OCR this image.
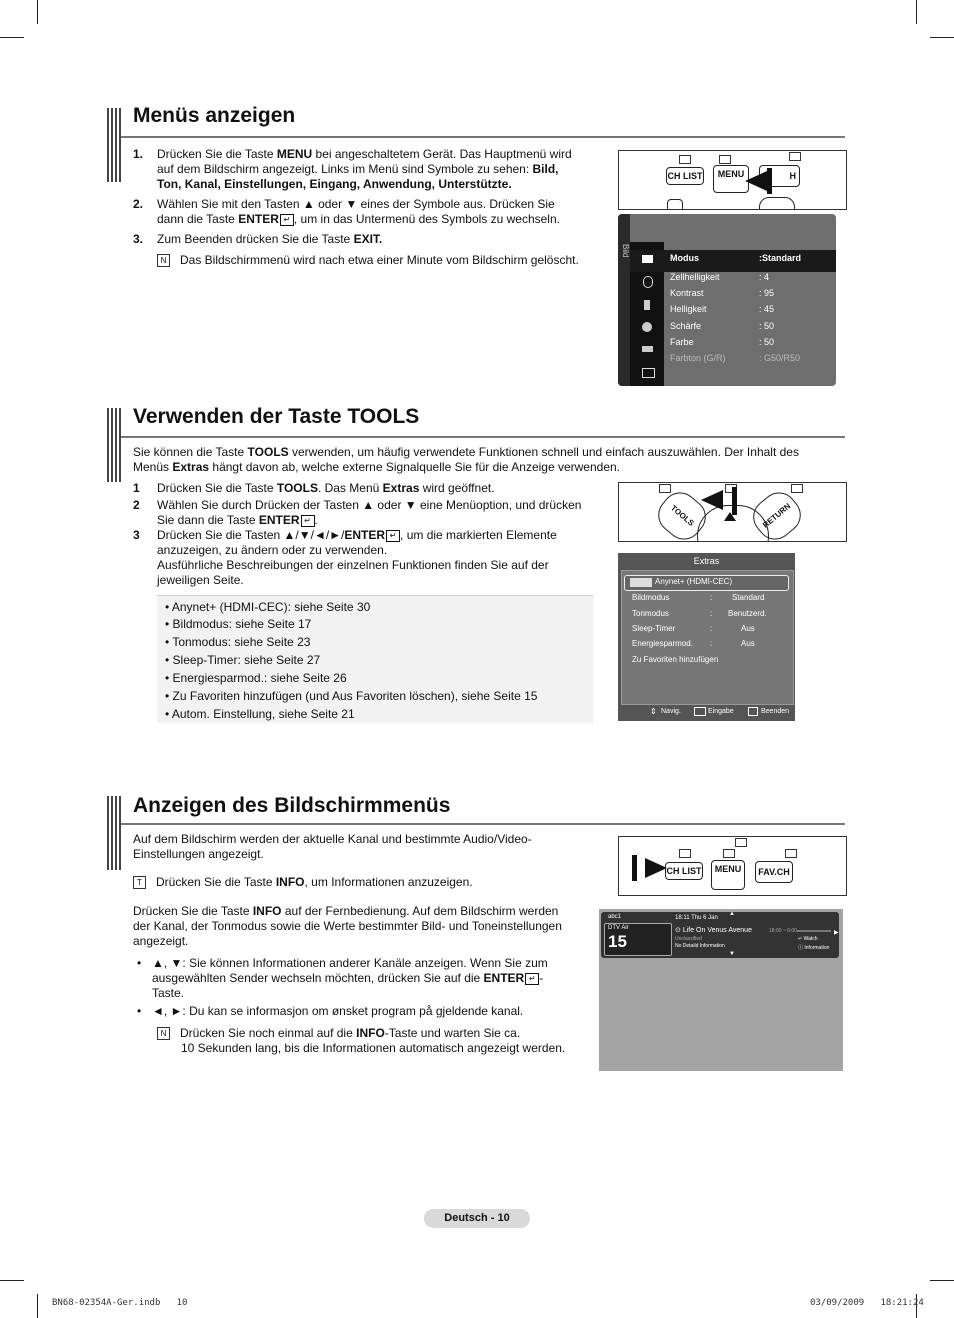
Menüs anzeigen
1. Drücken Sie die Taste MENU bei angeschaltetem Gerät. Das Hauptmenü wird
auf dem Bildschirm angezeigt. Links im Menü sind Symbole zu sehen: Bild,
Ton, Kanal, Einstellungen, Eingang, Anwendung, Unterstützte.
2. Wählen Sie mit den Tasten ▲ oder ▼ eines der Symbole aus. Drücken Sie
dann die Taste ENTER ↵ , um in das Untermenü des Symbols zu wechseln.
3. Zum Beenden drücken Sie die Taste EXIT.
N Das Bildschirmmenü wird nach etwa einer Minute vom Bildschirm gelöscht.
CH LIST	MENU	H
Bild
Modus	:Standard
Zellhelligkeit	: 4
Kontrast	: 95
Helligkeit	: 45
Schärfe	: 50
Farbe	: 50
Farbton (G/R)	: G50/R50
Verwenden der Taste TOOLS
Sie können die Taste TOOLS verwenden, um häufig verwendete Funktionen schnell und einfach auszuwählen. Der Inhalt des
Menüs Extras hängt davon ab, welche externe Signalquelle Sie für die Anzeige verwenden.
1 Drücken Sie die Taste TOOLS. Das Menü Extras wird geöffnet.
2 Wählen Sie durch Drücken der Tasten ▲ oder ▼ eine Menüoption, und drücken
Sie dann die Taste ENTER ↵ .
3 Drücken Sie die Tasten ▲/▼/◄/►/ENTER ↵ , um die markierten Elemente
anzuzeigen, zu ändern oder zu verwenden.
Ausführliche Beschreibungen der einzelnen Funktionen finden Sie auf der
jeweiligen Seite.
• Anynet+ (HDMI-CEC): siehe Seite 30
• Bildmodus: siehe Seite 17
• Tonmodus: siehe Seite 23
• Sleep-Timer: siehe Seite 27
• Energiesparmod.: siehe Seite 26
• Zu Favoriten hinzufügen (und Aus Favoriten löschen), siehe Seite 15
• Autom. Einstellung, siehe Seite 21
TOOLS	RETURN
Extras
Anynet+ (HDMI-CEC)
Bildmodus	: Standard
Tonmodus	: Benutzerd.
Sleep-Timer	:	Aus
Energiesparmod. :	Aus
Zu Favoriten hinzufügen
⇕ Navig.	Eingabe	Beenden
Anzeigen des Bildschirmmenüs
Auf dem Bildschirm werden der aktuelle Kanal und bestimmte Audio/Video-
Einstellungen angezeigt.
T Drücken Sie die Taste INFO, um Informationen anzuzeigen.
Drücken Sie die Taste INFO auf der Fernbedienung. Auf dem Bildschirm werden
der Kanal, der Tonmodus sowie die Werte bestimmter Bild- und Toneinstellungen
angezeigt.
• ▲, ▼: Sie können Informationen anderer Kanäle anzeigen. Wenn Sie zum
ausgewählten Sender wechseln möchten, drücken Sie auf die ENTER ↵ -
Taste.
• ◄, ►: Du kan se informasjon om ønsket program på gjeldende kanal.
N Drücken Sie noch einmal auf die INFO-Taste und warten Sie ca.
10 Sekunden lang, bis die Informationen automatisch angezeigt werden.
CH LIST	MENU	FAV.CH
abc1
DTV Air
15
18:11 Thu 6 Jan
▲
⊙ Life On Venus Avenue
Unclassified
No Detaild Information
▼
18:00 ~ 6:00	▶
↵ Watch
ⓘ Information
Deutsch - 10
BN68-02354A-Ger.indb   10	03/09/2009   18:21:24
